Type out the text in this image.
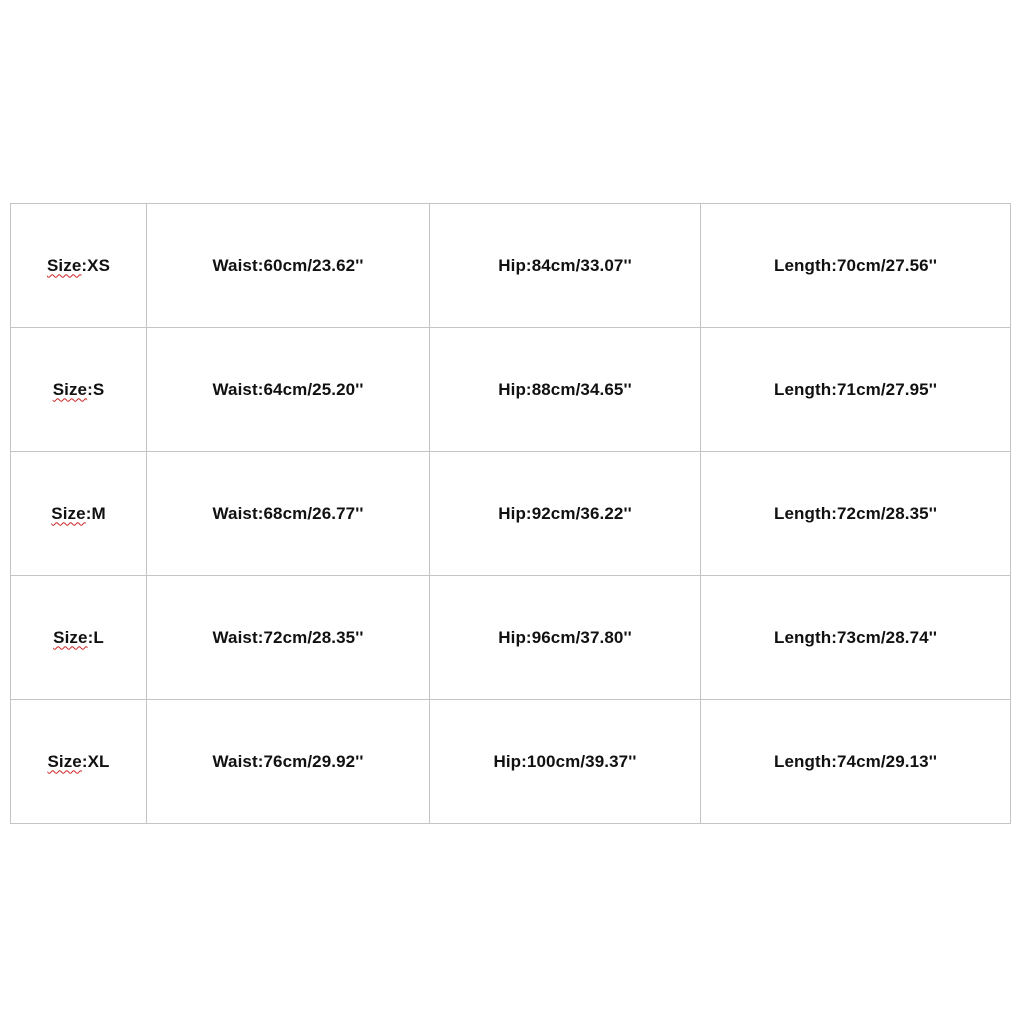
Size:XS	Waist:60cm/23.62''	Hip:84cm/33.07''	Length:70cm/27.56''
Size:S	Waist:64cm/25.20''	Hip:88cm/34.65''	Length:71cm/27.95''
Size:M	Waist:68cm/26.77''	Hip:92cm/36.22''	Length:72cm/28.35''
Size:L	Waist:72cm/28.35''	Hip:96cm/37.80''	Length:73cm/28.74''
Size:XL	Waist:76cm/29.92''	Hip:100cm/39.37''	Length:74cm/29.13''
